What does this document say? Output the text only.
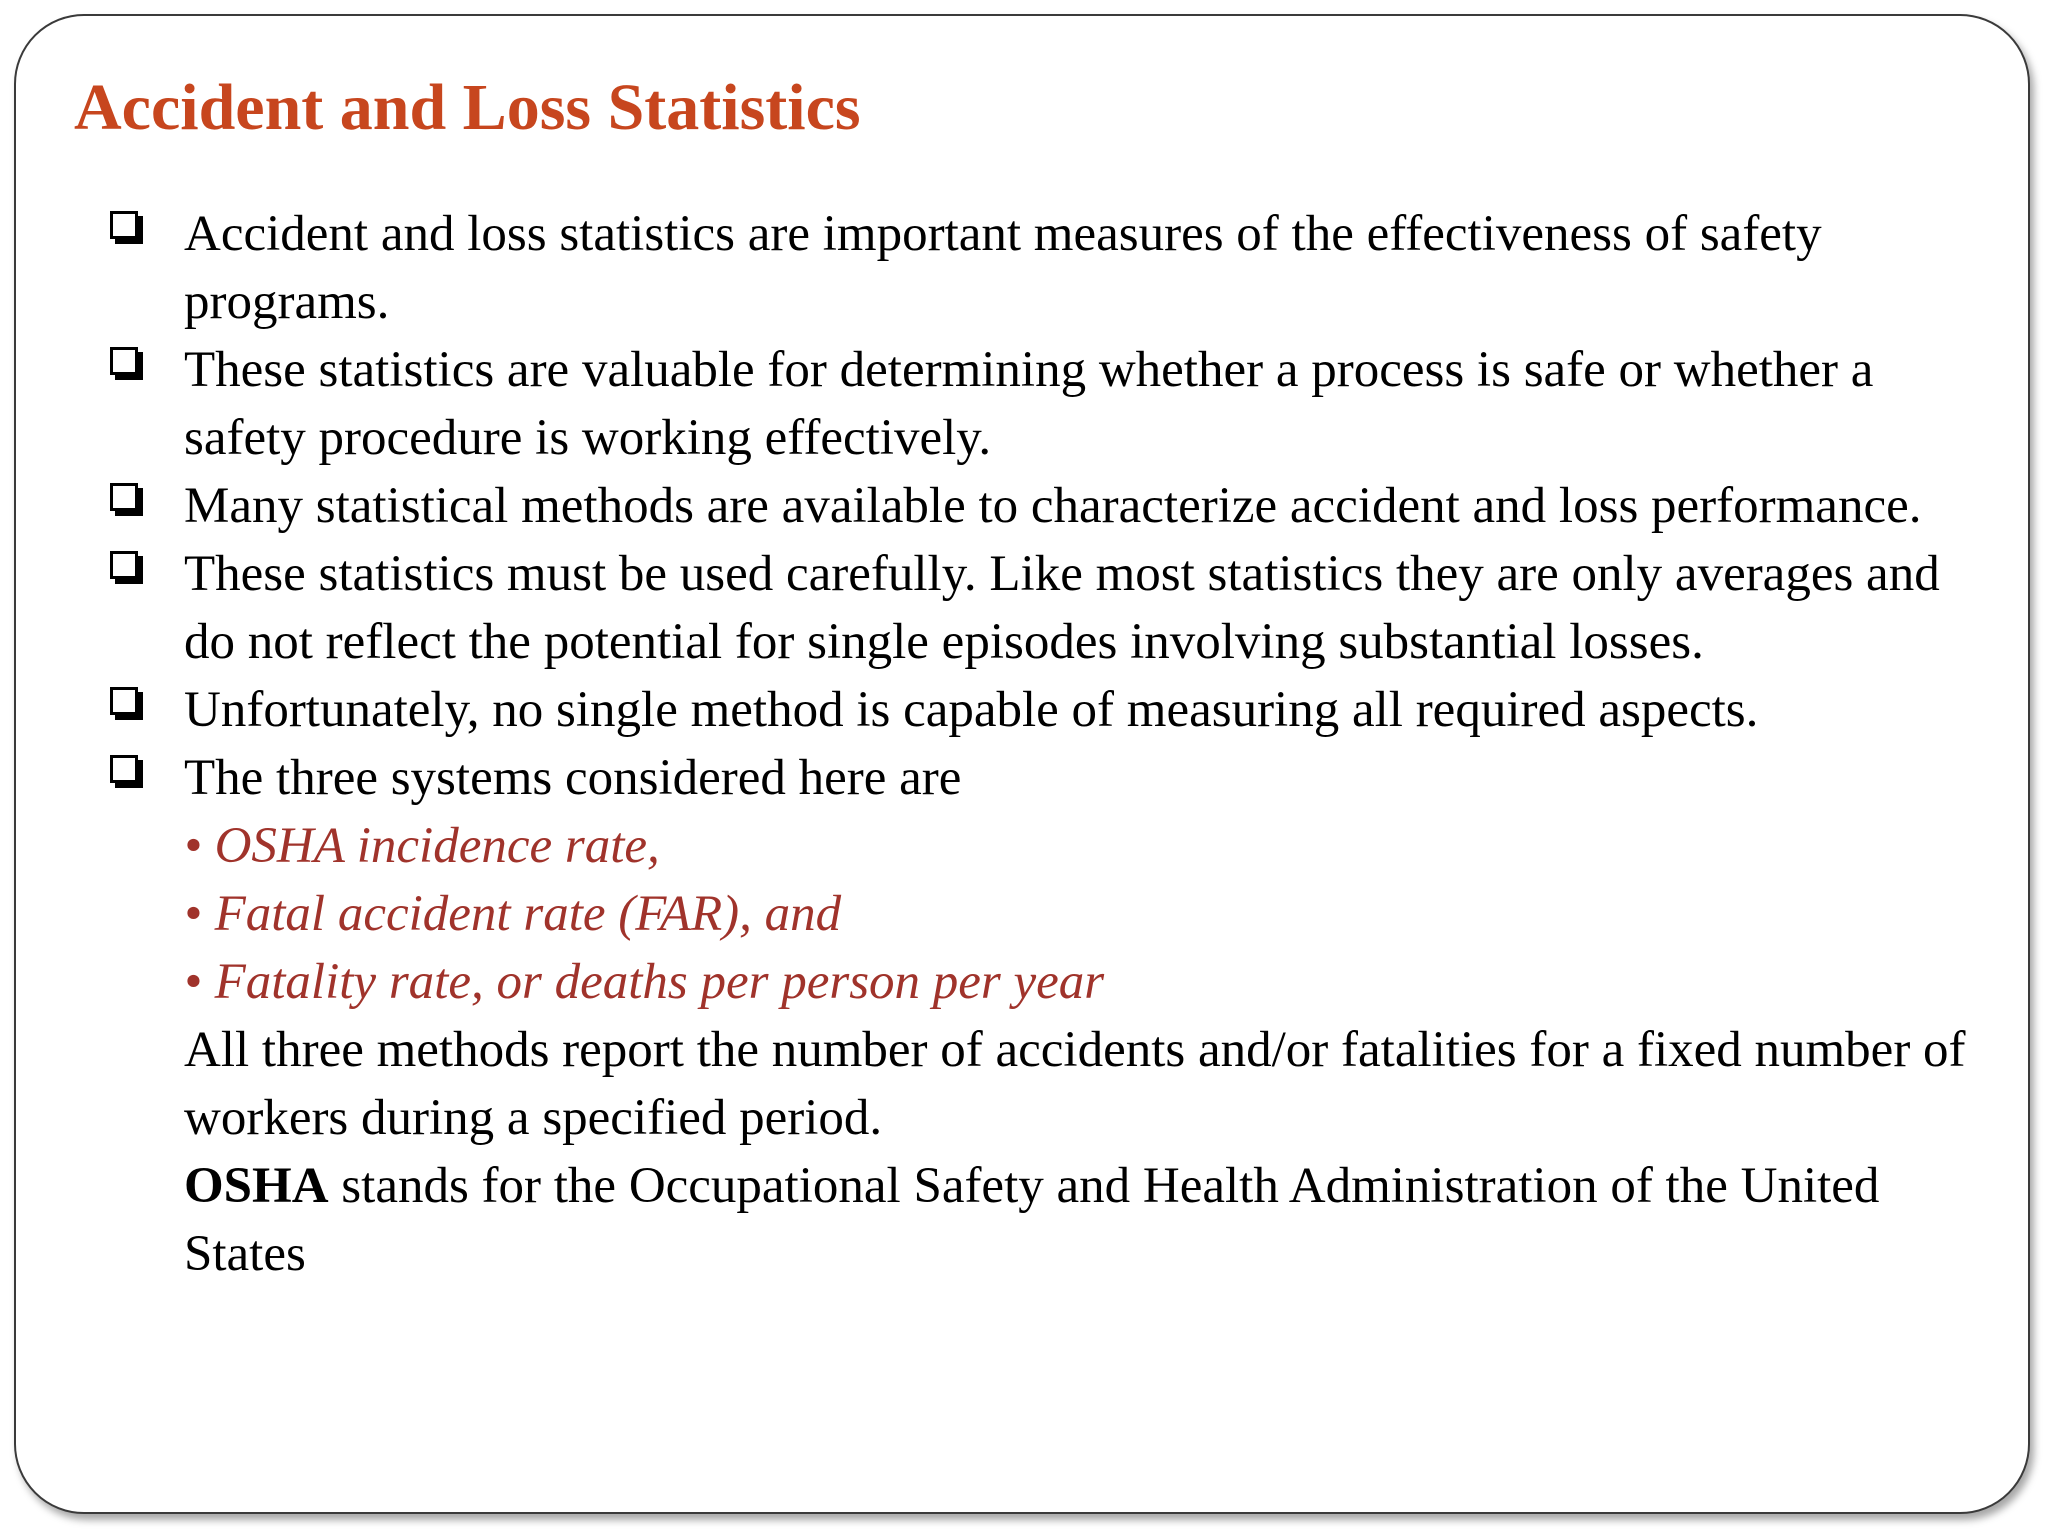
Accident and Loss Statistics
Accident and loss statistics are important measures of the effectiveness of safety programs.
These statistics are valuable for determining whether a process is safe or whether a safety procedure is working effectively.
Many statistical methods are available to characterize accident and loss performance.
These statistics must be used carefully. Like most statistics they are only averages and do not reflect the potential for single episodes involving substantial losses.
Unfortunately, no single method is capable of measuring all required aspects.
The three systems considered here are
• OSHA incidence rate,
• Fatal accident rate (FAR), and
• Fatality rate, or deaths per person per year
All three methods report the number of accidents and/or fatalities for a fixed number of workers during a specified period.
OSHA stands for the Occupational Safety and Health Administration of the United States
